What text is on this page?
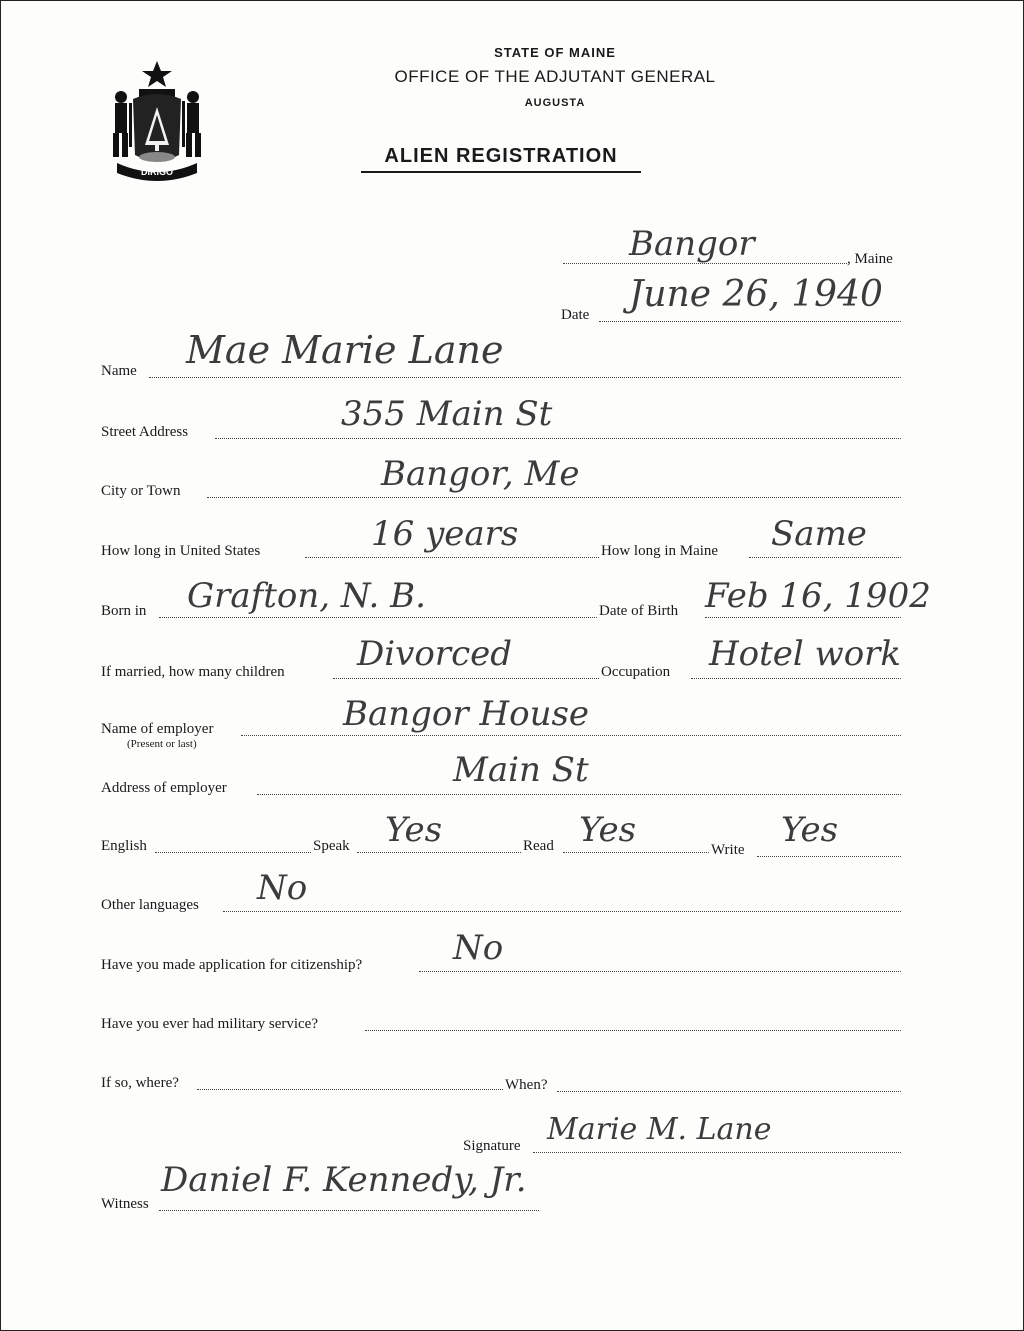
DIRIGO
STATE OF MAINE
OFFICE OF THE ADJUTANT GENERAL
AUGUSTA
ALIEN REGISTRATION
Bangor	, Maine
Date June 26, 1940
Name Mae Marie Lane
Street Address	355 Main St
City or Town	Bangor, Me
How long in United States	16 years	How long in Maine Same
Born in Grafton, N. B.	Date of Birth Feb 16, 1902
If married, how many children Divorced	Occupation Hotel work
Name of employer
(Present or last)
Bangor House
Address of employer	Main St
English	Speak Yes	Read Yes	Write Yes
Other languages No
Have you made application for citizenship?	No
Have you ever had military service?
If so, where?	When?
Signature Marie M. Lane
Witness
Daniel F. Kennedy, Jr.
